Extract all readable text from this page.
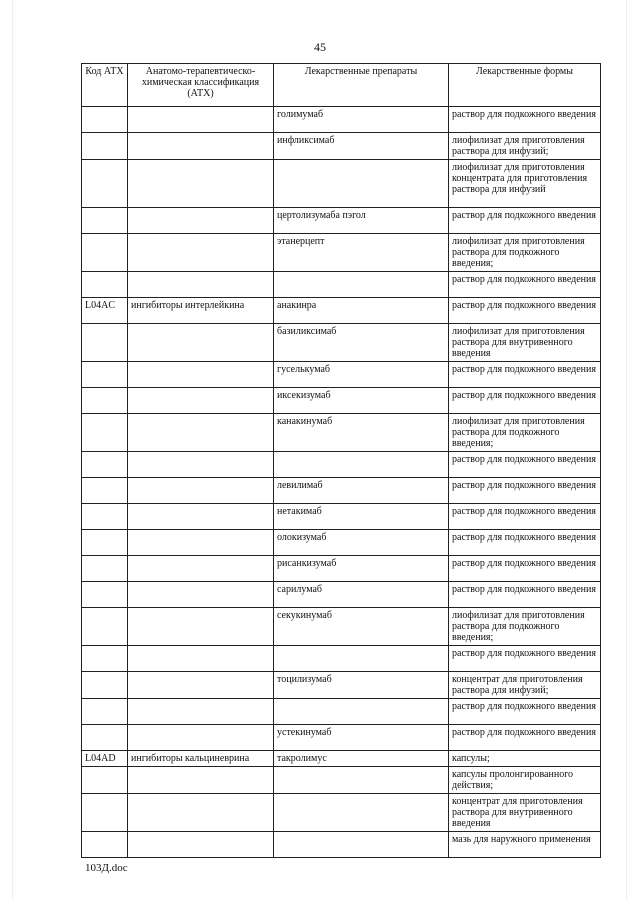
45
Код АТХ	Анатомо-терапевтическо-химическая классификация (АТХ)	Лекарственные препараты	Лекарственные формы
		голимумаб	раствор для подкожного введения
		инфликсимаб	лиофилизат для приготовления раствора для инфузий;
			лиофилизат для приготовления концентрата для приготовления раствора для инфузий
		цертолизумаба пэгол	раствор для подкожного введения
		этанерцепт	лиофилизат для приготовления раствора для подкожного введения;
			раствор для подкожного введения
L04AC	ингибиторы интерлейкина	анакинра	раствор для подкожного введения
		базиликсимаб	лиофилизат для приготовления раствора для внутривенного введения
		гуселькумаб	раствор для подкожного введения
		иксекизумаб	раствор для подкожного введения
		канакинумаб	лиофилизат для приготовления раствора для подкожного введения;
			раствор для подкожного введения
		левилимаб	раствор для подкожного введения
		нетакимаб	раствор для подкожного введения
		олокизумаб	раствор для подкожного введения
		рисанкизумаб	раствор для подкожного введения
		сарилумаб	раствор для подкожного введения
		секукинумаб	лиофилизат для приготовления раствора для подкожного введения;
			раствор для подкожного введения
		тоцилизумаб	концентрат для приготовления раствора для инфузий;
			раствор для подкожного введения
		устекинумаб	раствор для подкожного введения
L04AD	ингибиторы кальциневрина	такролимус	капсулы;
			капсулы пролонгированного действия;
			концентрат для приготовления раствора для внутривенного введения
			мазь для наружного применения
103Д.doc
